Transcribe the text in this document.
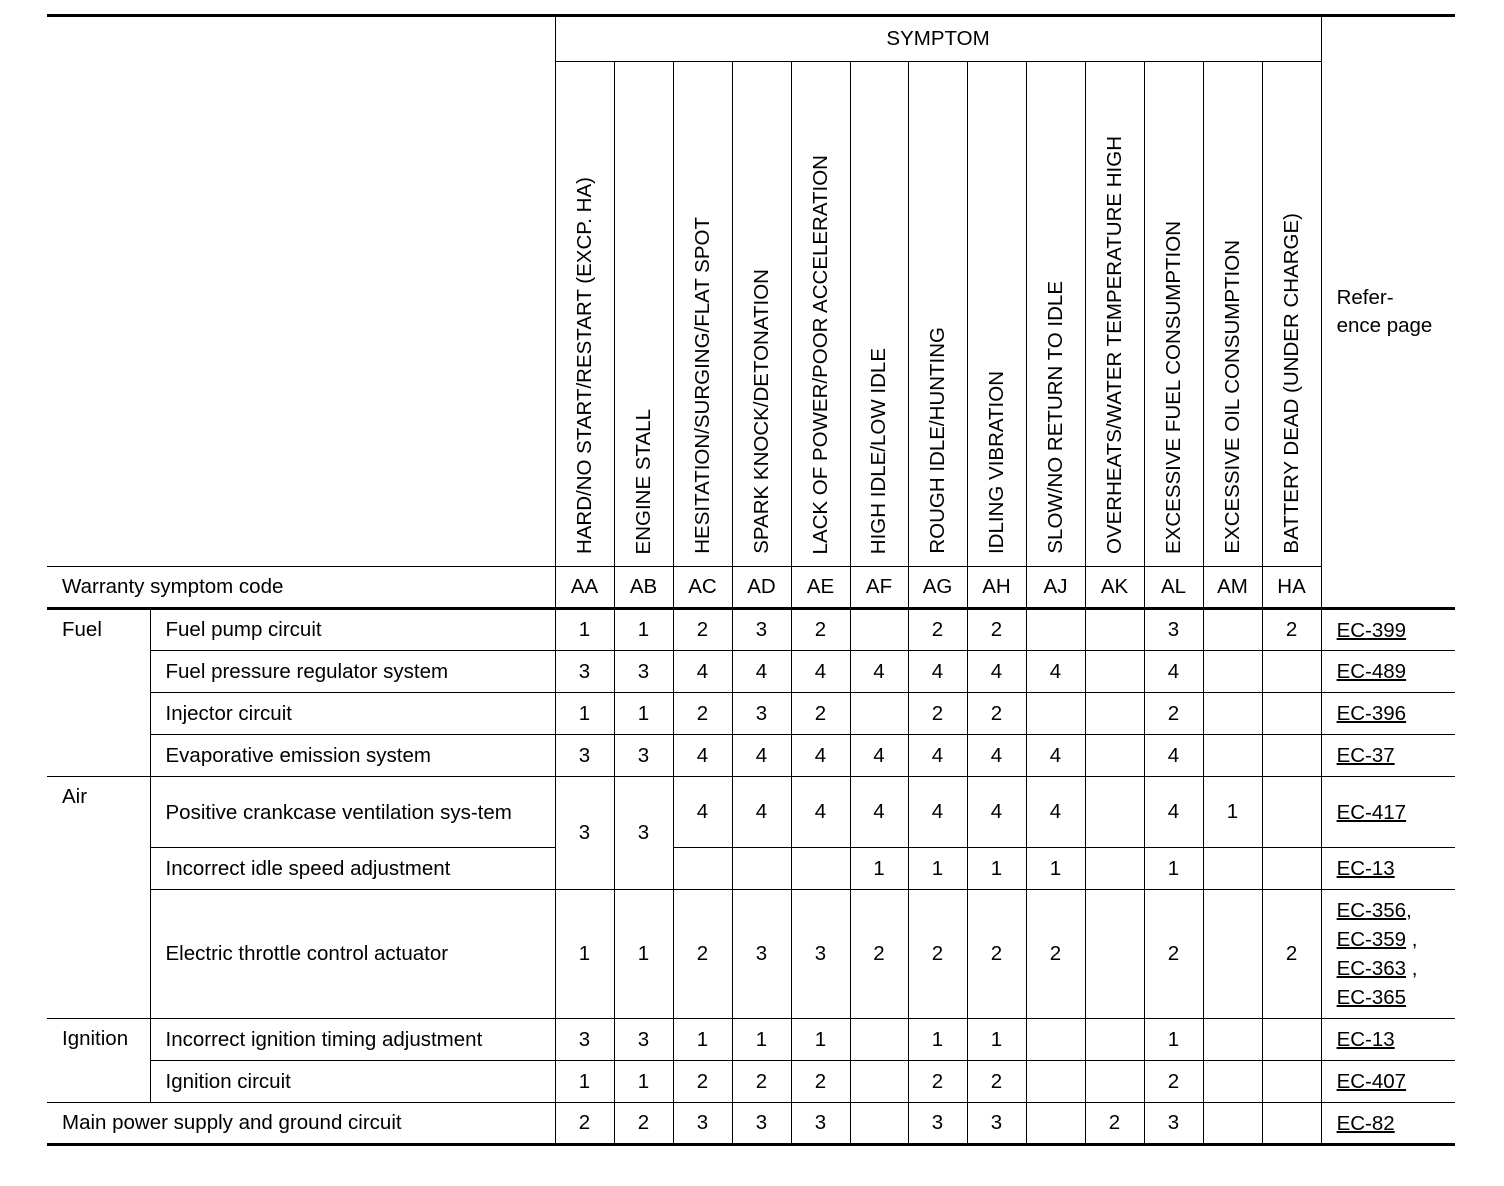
		SYMPTOM													Refer-
ence page
		HARD/NO START/RESTART (EXCP. HA)	ENGINE STALL	HESITATION/SURGING/FLAT SPOT	SPARK KNOCK/DETONATION	LACK OF POWER/POOR ACCELERATION	HIGH IDLE/LOW IDLE	ROUGH IDLE/HUNTING	IDLING VIBRATION	SLOW/NO RETURN TO IDLE	OVERHEATS/WATER TEMPERATURE HIGH	EXCESSIVE FUEL CONSUMPTION	EXCESSIVE OIL CONSUMPTION	BATTERY DEAD (UNDER CHARGE)	
Warranty symptom code		AA	AB	AC	AD	AE	AF	AG	AH	AJ	AK	AL	AM	HA	
Fuel	Fuel pump circuit	1	1	2	3	2		2	2			3		2	EC-399
	Fuel pressure regulator system	3	3	4	4	4	4	4	4	4		4			EC-489
	Injector circuit	1	1	2	3	2		2	2			2			EC-396
	Evaporative emission system	3	3	4	4	4	4	4	4	4		4			EC-37
Air	Positive crankcase ventilation sys-tem	3	3	4	4	4	4	4	4	4		4	1		EC-417
	Incorrect idle speed adjustment						1	1	1	1		1			EC-13
	Electric throttle control actuator	1	1	2	3	3	2	2	2	2		2		2	EC-356,
EC-359 ,
EC-363 ,
EC-365
Ignition	Incorrect ignition timing adjustment	3	3	1	1	1		1	1			1			EC-13
	Ignition circuit	1	1	2	2	2		2	2			2			EC-407
Main power supply and ground circuit		2	2	3	3	3		3	3		2	3			EC-82
